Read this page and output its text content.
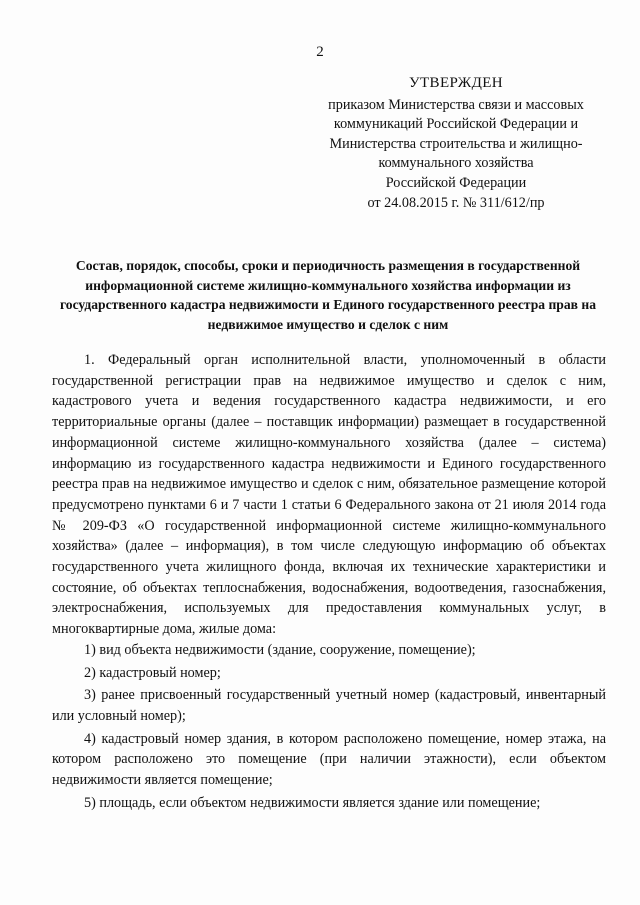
2
УТВЕРЖДЕН
приказом Министерства связи и массовых
коммуникаций Российской Федерации и
Министерства строительства и жилищно-
коммунального хозяйства
Российской Федерации
от 24.08.2015 г. № 311/612/пр
Состав, порядок, способы, сроки и периодичность размещения в государственной информационной системе жилищно-коммунального хозяйства информации из государственного кадастра недвижимости и Единого государственного реестра прав на недвижимое имущество и сделок с ним

1. Федеральный орган исполнительной власти, уполномоченный в области государственной регистрации прав на недвижимое имущество и сделок с ним, кадастрового учета и ведения государственного кадастра недвижимости, и его территориальные органы (далее – поставщик информации) размещает в государственной информационной системе жилищно-коммунального хозяйства (далее – система) информацию из государственного кадастра недвижимости и Единого государственного реестра прав на недвижимое имущество и сделок с ним, обязательное размещение которой предусмотрено пунктами 6 и 7 части 1 статьи 6 Федерального закона от 21 июля 2014 года № 209-ФЗ «О государственной информационной системе жилищно-коммунального хозяйства» (далее – информация), в том числе следующую информацию об объектах государственного учета жилищного фонда, включая их технические характеристики и состояние, об объектах теплоснабжения, водоснабжения, водоотведения, газоснабжения, электроснабжения, используемых для предоставления коммунальных услуг, в многоквартирные дома, жилые дома:

1) вид объекта недвижимости (здание, сооружение, помещение);

2) кадастровый номер;

3) ранее присвоенный государственный учетный номер (кадастровый, инвентарный или условный номер);

4) кадастровый номер здания, в котором расположено помещение, номер этажа, на котором расположено это помещение (при наличии этажности), если объектом недвижимости является помещение;

5) площадь, если объектом недвижимости является здание или помещение;
